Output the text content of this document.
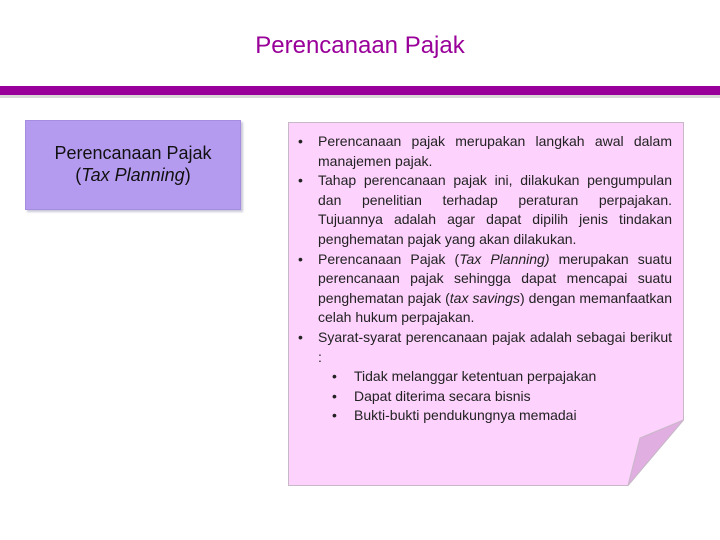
Perencanaan Pajak
Perencanaan Pajak
(Tax Planning)
• Perencanaan pajak merupakan langkah awal dalam manajemen pajak.
• Tahap perencanaan pajak ini, dilakukan pengumpulan dan penelitian terhadap peraturan perpajakan. Tujuannya adalah agar dapat dipilih jenis tindakan penghematan pajak yang akan dilakukan.
• Perencanaan Pajak (Tax Planning) merupakan suatu perencanaan pajak sehingga dapat mencapai suatu penghematan pajak (tax savings) dengan memanfaatkan celah hukum perpajakan.
• Syarat-syarat perencanaan pajak adalah sebagai berikut :
• Tidak melanggar ketentuan perpajakan
• Dapat diterima secara bisnis
• Bukti-bukti pendukungnya memadai
